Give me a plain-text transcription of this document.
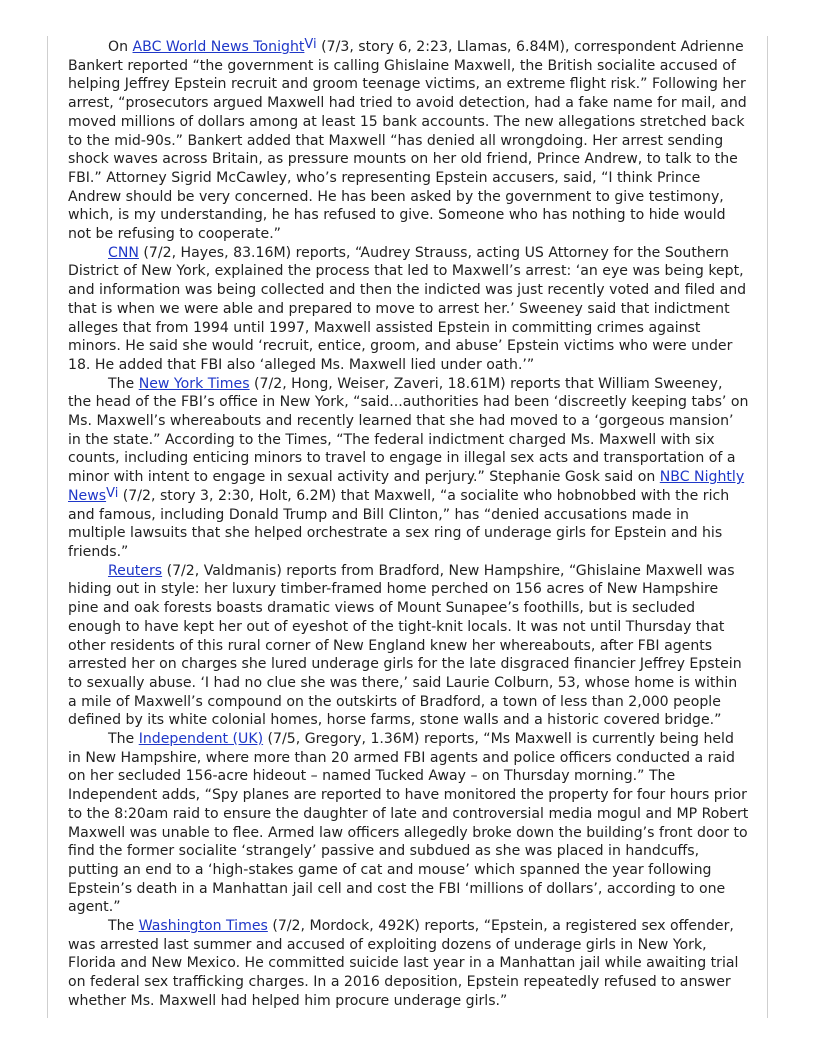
On ABC World News TonightVi (7/3, story 6, 2:23, Llamas, 6.84M), correspondent Adrienne Bankert reported “the government is calling Ghislaine Maxwell, the British socialite accused of helping Jeffrey Epstein recruit and groom teenage victims, an extreme flight risk.” Following her arrest, “prosecutors argued Maxwell had tried to avoid detection, had a fake name for mail, and moved millions of dollars among at least 15 bank accounts. The new allegations stretched back to the mid-90s.” Bankert added that Maxwell “has denied all wrongdoing. Her arrest sending shock waves across Britain, as pressure mounts on her old friend, Prince Andrew, to talk to the FBI.” Attorney Sigrid McCawley, who’s representing Epstein accusers, said, “I think Prince Andrew should be very concerned. He has been asked by the government to give testimony, which, is my understanding, he has refused to give. Someone who has nothing to hide would not be refusing to cooperate.”

CNN (7/2, Hayes, 83.16M) reports, “Audrey Strauss, acting US Attorney for the Southern District of New York, explained the process that led to Maxwell’s arrest: ‘an eye was being kept, and information was being collected and then the indicted was just recently voted and filed and that is when we were able and prepared to move to arrest her.’ Sweeney said that indictment alleges that from 1994 until 1997, Maxwell assisted Epstein in committing crimes against minors. He said she would ‘recruit, entice, groom, and abuse’ Epstein victims who were under 18. He added that FBI also ‘alleged Ms. Maxwell lied under oath.’”

The New York Times (7/2, Hong, Weiser, Zaveri, 18.61M) reports that William Sweeney, the head of the FBI’s office in New York, “said...authorities had been ‘discreetly keeping tabs’ on Ms. Maxwell’s whereabouts and recently learned that she had moved to a ‘gorgeous mansion’ in the state.” According to the Times, “The federal indictment charged Ms. Maxwell with six counts, including enticing minors to travel to engage in illegal sex acts and transportation of a minor with intent to engage in sexual activity and perjury.” Stephanie Gosk said on NBC Nightly NewsVi (7/2, story 3, 2:30, Holt, 6.2M) that Maxwell, “a socialite who hobnobbed with the rich and famous, including Donald Trump and Bill Clinton,” has “denied accusations made in multiple lawsuits that she helped orchestrate a sex ring of underage girls for Epstein and his friends.”

Reuters (7/2, Valdmanis) reports from Bradford, New Hampshire, “Ghislaine Maxwell was hiding out in style: her luxury timber-framed home perched on 156 acres of New Hampshire pine and oak forests boasts dramatic views of Mount Sunapee’s foothills, but is secluded enough to have kept her out of eyeshot of the tight-knit locals. It was not until Thursday that other residents of this rural corner of New England knew her whereabouts, after FBI agents arrested her on charges she lured underage girls for the late disgraced financier Jeffrey Epstein to sexually abuse. ‘I had no clue she was there,’ said Laurie Colburn, 53, whose home is within a mile of Maxwell’s compound on the outskirts of Bradford, a town of less than 2,000 people defined by its white colonial homes, horse farms, stone walls and a historic covered bridge.”

The Independent (UK) (7/5, Gregory, 1.36M) reports, “Ms Maxwell is currently being held in New Hampshire, where more than 20 armed FBI agents and police officers conducted a raid on her secluded 156-acre hideout – named Tucked Away – on Thursday morning.” The Independent adds, “Spy planes are reported to have monitored the property for four hours prior to the 8:20am raid to ensure the daughter of late and controversial media mogul and MP Robert Maxwell was unable to flee. Armed law officers allegedly broke down the building’s front door to find the former socialite ‘strangely’ passive and subdued as she was placed in handcuffs, putting an end to a ‘high-stakes game of cat and mouse’ which spanned the year following Epstein’s death in a Manhattan jail cell and cost the FBI ‘millions of dollars’, according to one agent.”

The Washington Times (7/2, Mordock, 492K) reports, “Epstein, a registered sex offender, was arrested last summer and accused of exploiting dozens of underage girls in New York, Florida and New Mexico. He committed suicide last year in a Manhattan jail while awaiting trial on federal sex trafficking charges. In a 2016 deposition, Epstein repeatedly refused to answer whether Ms. Maxwell had helped him procure underage girls.”
